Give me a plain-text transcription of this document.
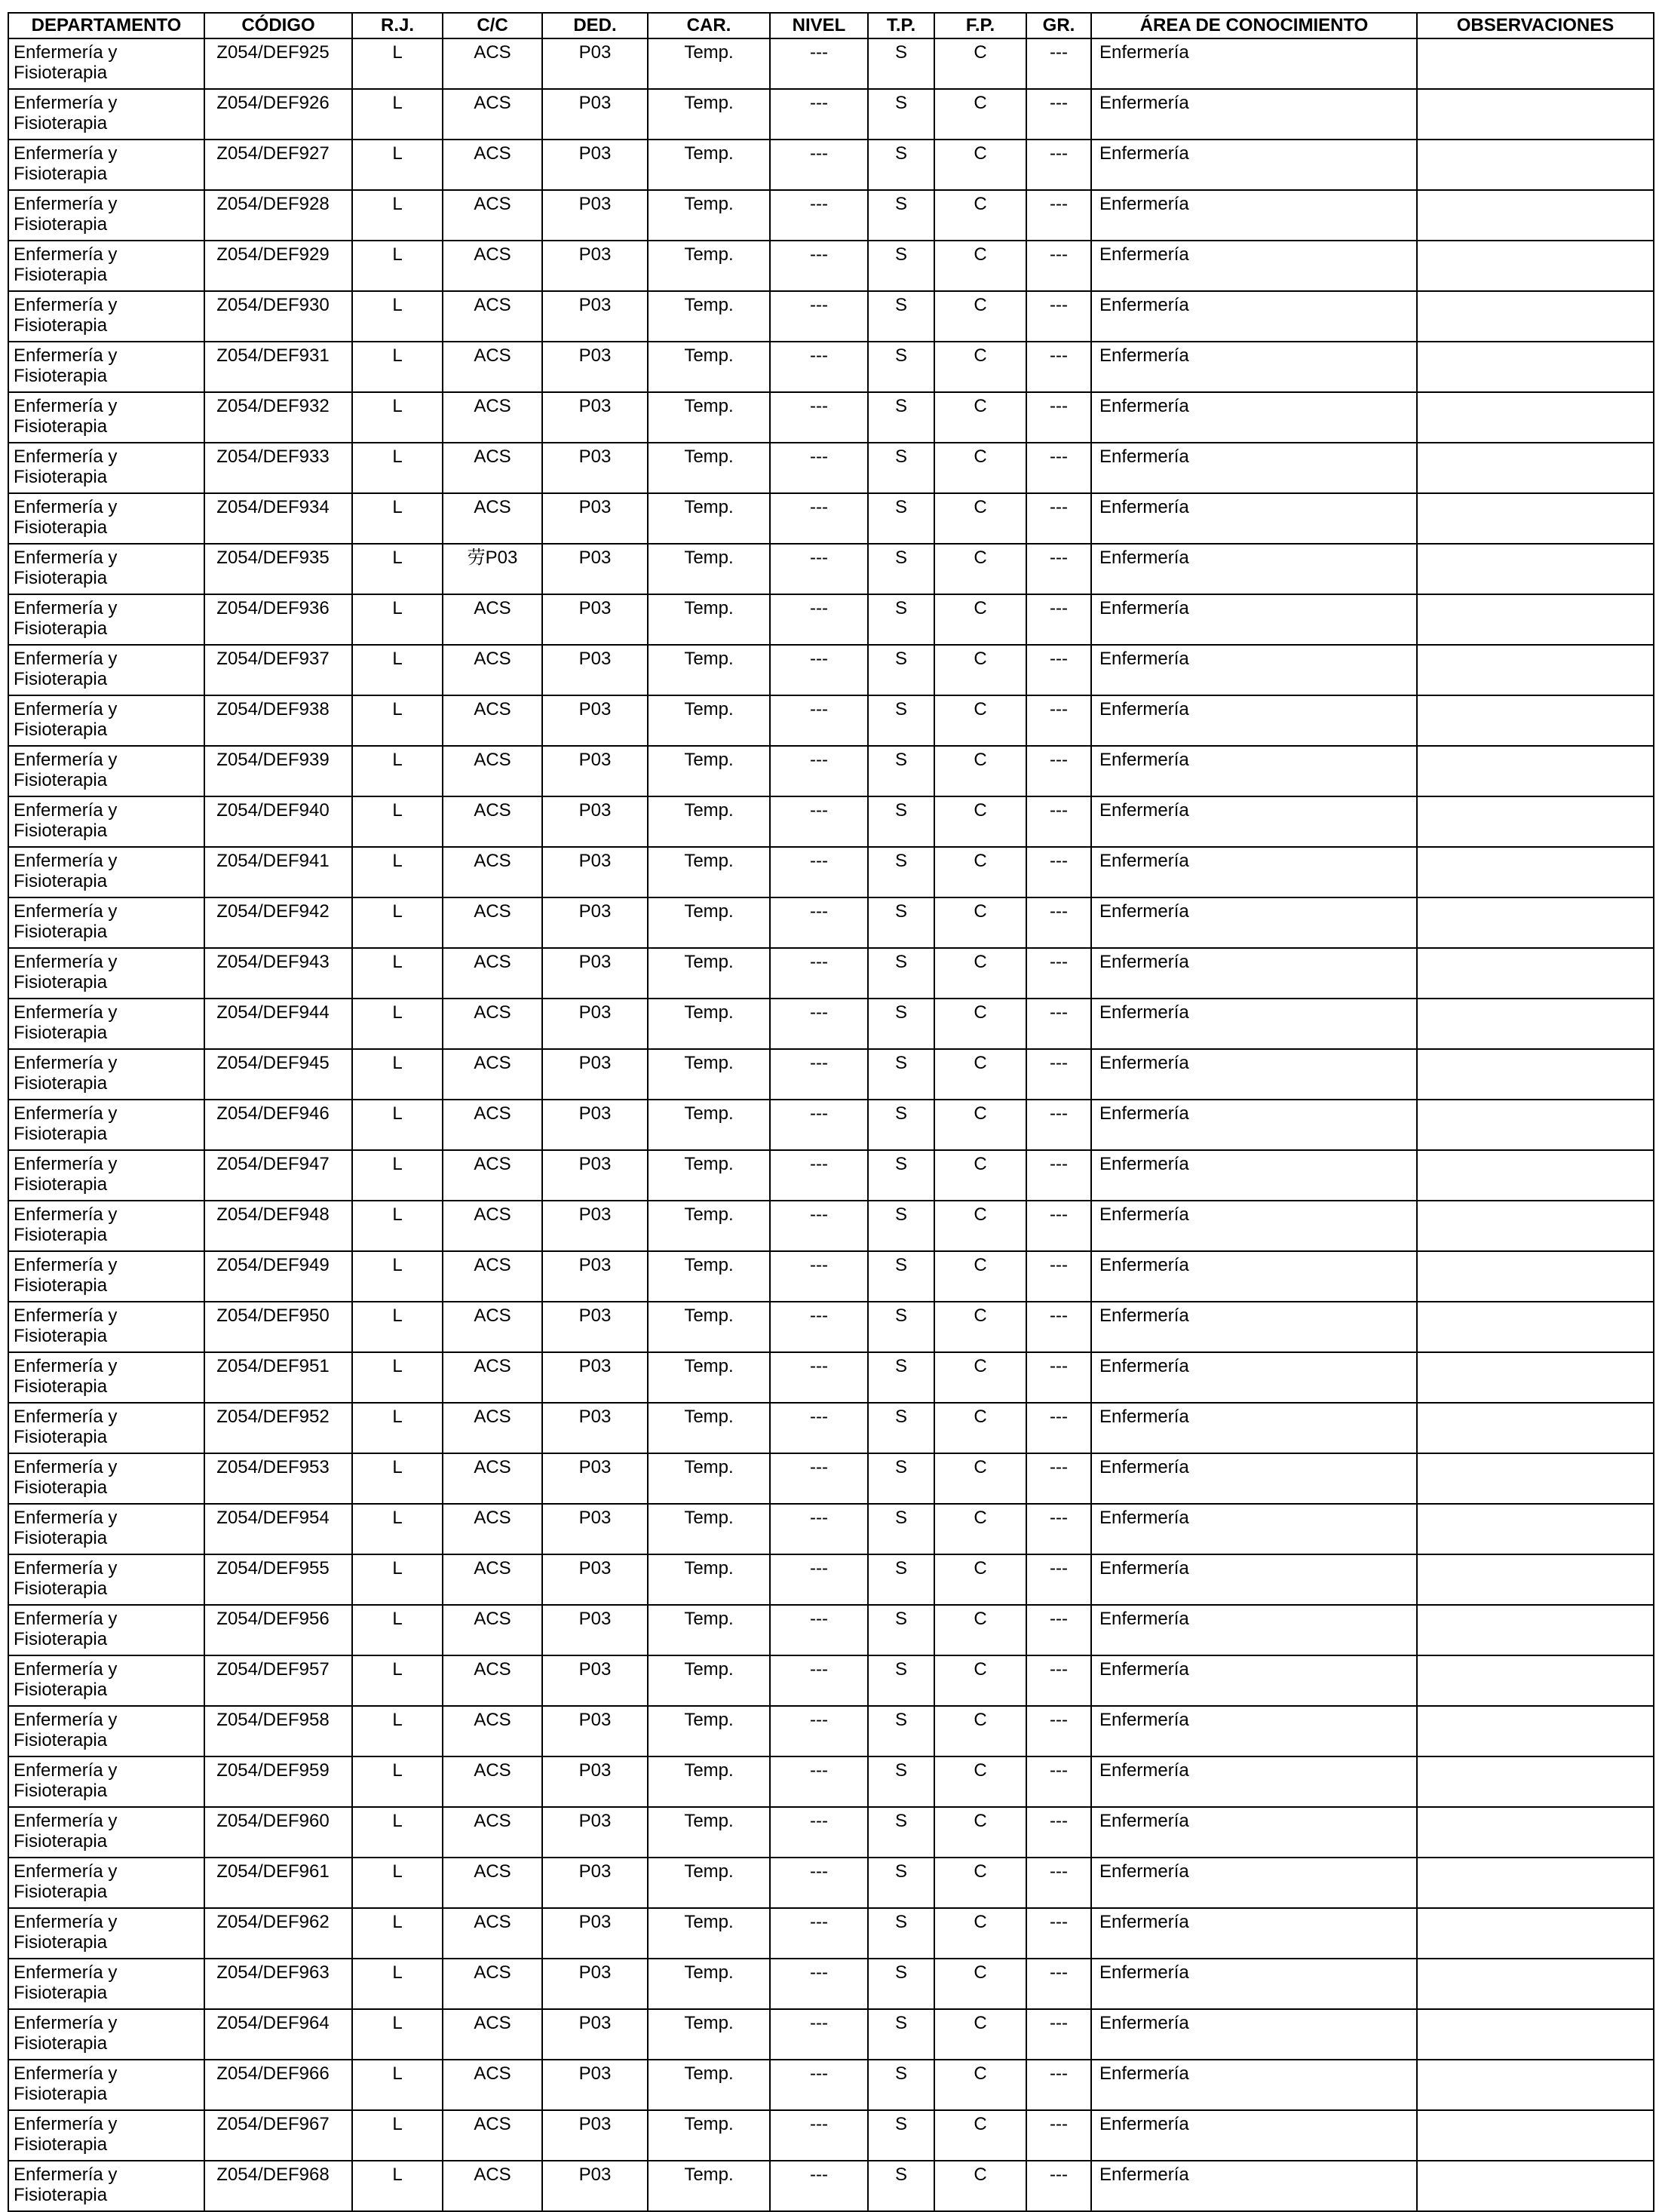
DEPARTAMENTO	CÓDIGO	R.J.	C/C	DED.	CAR.	NIVEL	T.P.	F.P.	GR.	ÁREA DE CONOCIMIENTO	OBSERVACIONES

Enfermería y
Fisioterapia	Z054/DEF925	L	ACS	P03	Temp.	---	S	C	---	Enfermería	

Enfermería y
Fisioterapia	Z054/DEF926	L	ACS	P03	Temp.	---	S	C	---	Enfermería	

Enfermería y
Fisioterapia	Z054/DEF927	L	ACS	P03	Temp.	---	S	C	---	Enfermería	

Enfermería y
Fisioterapia	Z054/DEF928	L	ACS	P03	Temp.	---	S	C	---	Enfermería	

Enfermería y
Fisioterapia	Z054/DEF929	L	ACS	P03	Temp.	---	S	C	---	Enfermería	

Enfermería y
Fisioterapia	Z054/DEF930	L	ACS	P03	Temp.	---	S	C	---	Enfermería	

Enfermería y
Fisioterapia	Z054/DEF931	L	ACS	P03	Temp.	---	S	C	---	Enfermería	

Enfermería y
Fisioterapia	Z054/DEF932	L	ACS	P03	Temp.	---	S	C	---	Enfermería	

Enfermería y
Fisioterapia	Z054/DEF933	L	ACS	P03	Temp.	---	S	C	---	Enfermería	

Enfermería y
Fisioterapia	Z054/DEF934	L	ACS	P03	Temp.	---	S	C	---	Enfermería	

Enfermería y
Fisioterapia	Z054/DEF935	L	劳P03	P03	Temp.	---	S	C	---	Enfermería	

Enfermería y
Fisioterapia	Z054/DEF936	L	ACS	P03	Temp.	---	S	C	---	Enfermería	

Enfermería y
Fisioterapia	Z054/DEF937	L	ACS	P03	Temp.	---	S	C	---	Enfermería	

Enfermería y
Fisioterapia	Z054/DEF938	L	ACS	P03	Temp.	---	S	C	---	Enfermería	

Enfermería y
Fisioterapia	Z054/DEF939	L	ACS	P03	Temp.	---	S	C	---	Enfermería	

Enfermería y
Fisioterapia	Z054/DEF940	L	ACS	P03	Temp.	---	S	C	---	Enfermería	

Enfermería y
Fisioterapia	Z054/DEF941	L	ACS	P03	Temp.	---	S	C	---	Enfermería	

Enfermería y
Fisioterapia	Z054/DEF942	L	ACS	P03	Temp.	---	S	C	---	Enfermería	

Enfermería y
Fisioterapia	Z054/DEF943	L	ACS	P03	Temp.	---	S	C	---	Enfermería	

Enfermería y
Fisioterapia	Z054/DEF944	L	ACS	P03	Temp.	---	S	C	---	Enfermería	

Enfermería y
Fisioterapia	Z054/DEF945	L	ACS	P03	Temp.	---	S	C	---	Enfermería	

Enfermería y
Fisioterapia	Z054/DEF946	L	ACS	P03	Temp.	---	S	C	---	Enfermería	

Enfermería y
Fisioterapia	Z054/DEF947	L	ACS	P03	Temp.	---	S	C	---	Enfermería	

Enfermería y
Fisioterapia	Z054/DEF948	L	ACS	P03	Temp.	---	S	C	---	Enfermería	

Enfermería y
Fisioterapia	Z054/DEF949	L	ACS	P03	Temp.	---	S	C	---	Enfermería	

Enfermería y
Fisioterapia	Z054/DEF950	L	ACS	P03	Temp.	---	S	C	---	Enfermería	

Enfermería y
Fisioterapia	Z054/DEF951	L	ACS	P03	Temp.	---	S	C	---	Enfermería	

Enfermería y
Fisioterapia	Z054/DEF952	L	ACS	P03	Temp.	---	S	C	---	Enfermería	

Enfermería y
Fisioterapia	Z054/DEF953	L	ACS	P03	Temp.	---	S	C	---	Enfermería	

Enfermería y
Fisioterapia	Z054/DEF954	L	ACS	P03	Temp.	---	S	C	---	Enfermería	

Enfermería y
Fisioterapia	Z054/DEF955	L	ACS	P03	Temp.	---	S	C	---	Enfermería	

Enfermería y
Fisioterapia	Z054/DEF956	L	ACS	P03	Temp.	---	S	C	---	Enfermería	

Enfermería y
Fisioterapia	Z054/DEF957	L	ACS	P03	Temp.	---	S	C	---	Enfermería	

Enfermería y
Fisioterapia	Z054/DEF958	L	ACS	P03	Temp.	---	S	C	---	Enfermería	

Enfermería y
Fisioterapia	Z054/DEF959	L	ACS	P03	Temp.	---	S	C	---	Enfermería	

Enfermería y
Fisioterapia	Z054/DEF960	L	ACS	P03	Temp.	---	S	C	---	Enfermería	

Enfermería y
Fisioterapia	Z054/DEF961	L	ACS	P03	Temp.	---	S	C	---	Enfermería	

Enfermería y
Fisioterapia	Z054/DEF962	L	ACS	P03	Temp.	---	S	C	---	Enfermería	

Enfermería y
Fisioterapia	Z054/DEF963	L	ACS	P03	Temp.	---	S	C	---	Enfermería	

Enfermería y
Fisioterapia	Z054/DEF964	L	ACS	P03	Temp.	---	S	C	---	Enfermería	

Enfermería y
Fisioterapia	Z054/DEF966	L	ACS	P03	Temp.	---	S	C	---	Enfermería	

Enfermería y
Fisioterapia	Z054/DEF967	L	ACS	P03	Temp.	---	S	C	---	Enfermería	

Enfermería y
Fisioterapia	Z054/DEF968	L	ACS	P03	Temp.	---	S	C	---	Enfermería	
